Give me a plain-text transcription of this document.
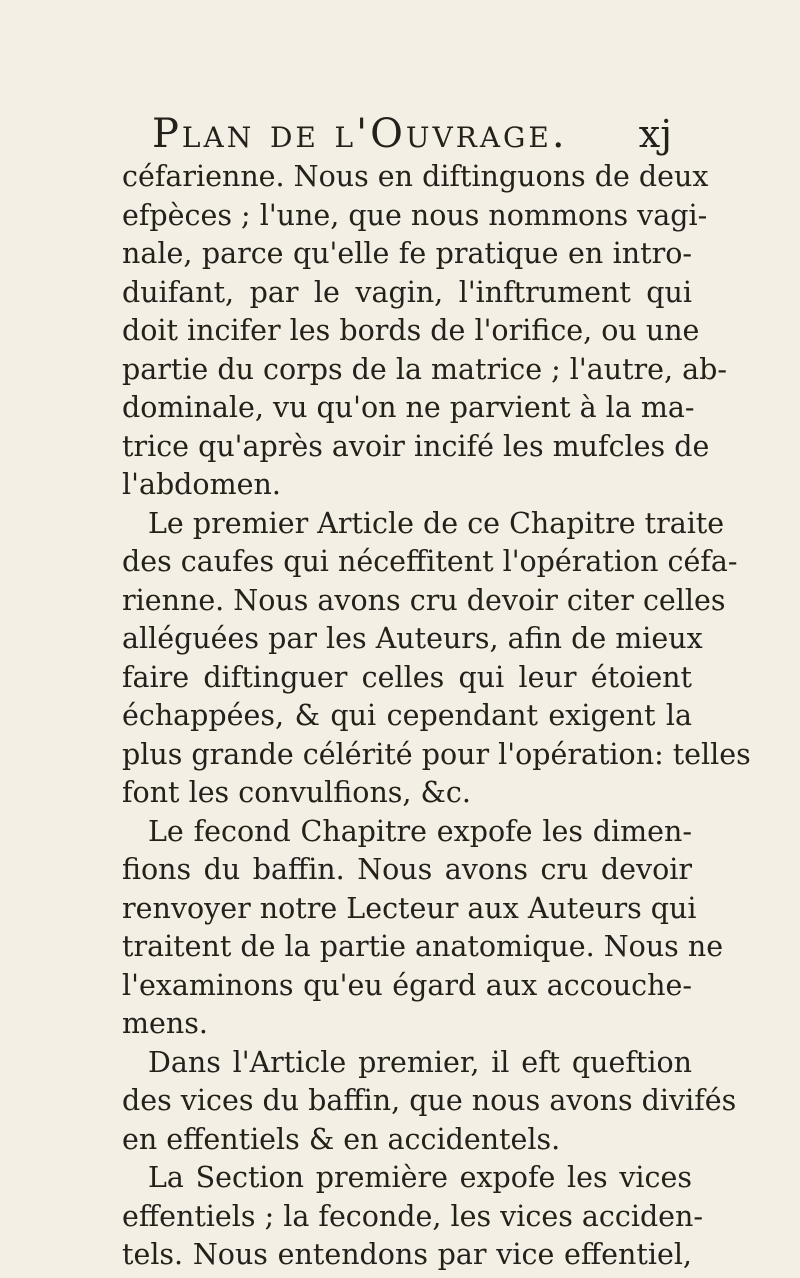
Plan de l'Ouvrage. xj
céfarienne. Nous en diftinguons de deux
efpèces ; l'une, que nous nommons vagi-
nale, parce qu'elle fe pratique en intro-
duifant, par le vagin, l'inftrument qui
doit incifer les bords de l'orifice, ou une
partie du corps de la matrice ; l'autre, ab-
dominale, vu qu'on ne parvient à la ma-
trice qu'après avoir incifé les mufcles de
l'abdomen.
Le premier Article de ce Chapitre traite
des caufes qui néceffitent l'opération céfa-
rienne. Nous avons cru devoir citer celles
alléguées par les Auteurs, afin de mieux
faire diftinguer celles qui leur étoient
échappées, & qui cependant exigent la
plus grande célérité pour l'opération: telles
font les convulfions, &c.
Le fecond Chapitre expofe les dimen-
fions du baffin. Nous avons cru devoir
renvoyer notre Lecteur aux Auteurs qui
traitent de la partie anatomique. Nous ne
l'examinons qu'eu égard aux accouche-
mens.
Dans l'Article premier, il eft queftion
des vices du baffin, que nous avons divifés
en effentiels & en accidentels.
La Section première expofe les vices
effentiels ; la feconde, les vices acciden-
tels. Nous entendons par vice effentiel,
